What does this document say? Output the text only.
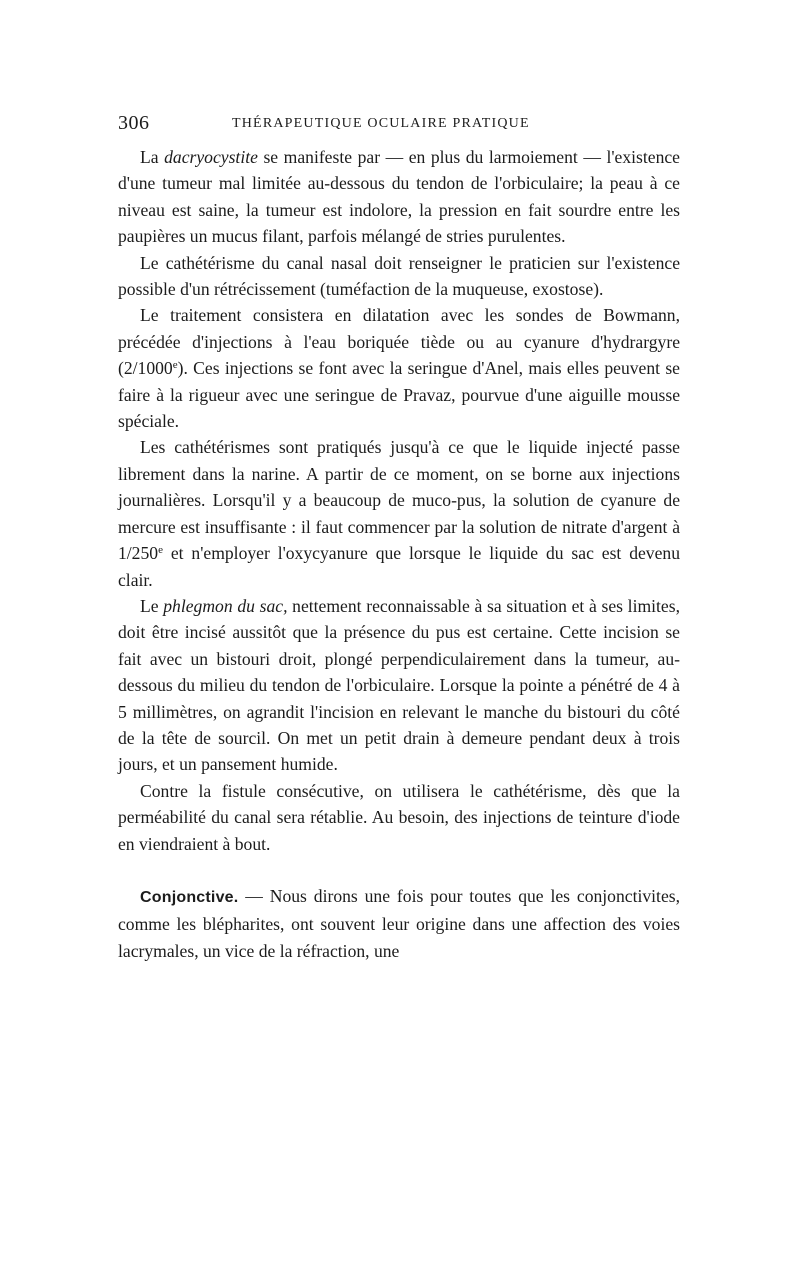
306	THÉRAPEUTIQUE OCULAIRE PRATIQUE

La dacryocystite se manifeste par — en plus du larmoiement — l'existence d'une tumeur mal limitée au-dessous du tendon de l'orbiculaire; la peau à ce niveau est saine, la tumeur est indolore, la pression en fait sourdre entre les paupières un mucus filant, parfois mélangé de stries purulentes.

Le cathétérisme du canal nasal doit renseigner le praticien sur l'existence possible d'un rétrécissement (tuméfaction de la muqueuse, exostose).

Le traitement consistera en dilatation avec les sondes de Bowmann, précédée d'injections à l'eau boriquée tiède ou au cyanure d'hydrargyre (2/1000e). Ces injections se font avec la seringue d'Anel, mais elles peuvent se faire à la rigueur avec une seringue de Pravaz, pourvue d'une aiguille mousse spéciale.

Les cathétérismes sont pratiqués jusqu'à ce que le liquide injecté passe librement dans la narine. A partir de ce moment, on se borne aux injections journalières. Lorsqu'il y a beaucoup de muco-pus, la solution de cyanure de mercure est insuffisante : il faut commencer par la solution de nitrate d'argent à 1/250e et n'employer l'oxycyanure que lorsque le liquide du sac est devenu clair.

Le phlegmon du sac, nettement reconnaissable à sa situation et à ses limites, doit être incisé aussitôt que la présence du pus est certaine. Cette incision se fait avec un bistouri droit, plongé perpendiculairement dans la tumeur, au-dessous du milieu du tendon de l'orbiculaire. Lorsque la pointe a pénétré de 4 à 5 millimètres, on agrandit l'incision en relevant le manche du bistouri du côté de la tête de sourcil. On met un petit drain à demeure pendant deux à trois jours, et un pansement humide.

Contre la fistule consécutive, on utilisera le cathétérisme, dès que la perméabilité du canal sera rétablie. Au besoin, des injections de teinture d'iode en viendraient à bout.

Conjonctive. — Nous dirons une fois pour toutes que les conjonctivites, comme les blépharites, ont souvent leur origine dans une affection des voies lacrymales, un vice de la réfraction, une
